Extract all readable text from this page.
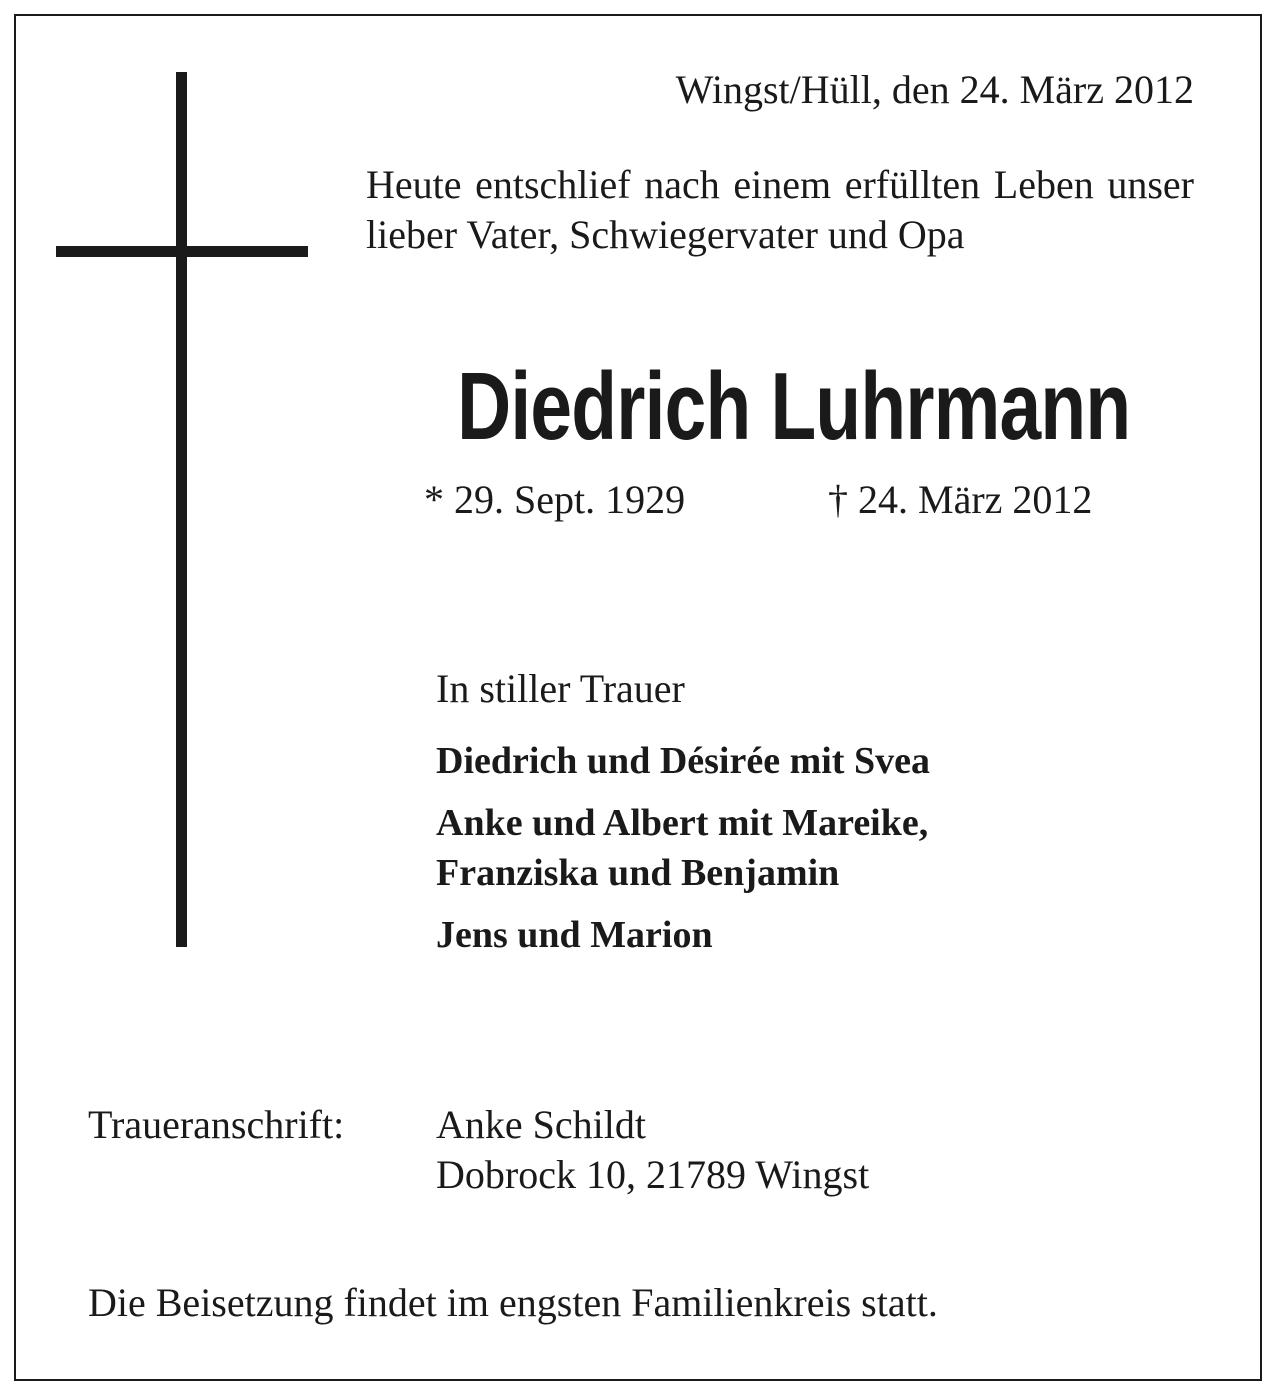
Wingst/Hüll, den 24. März 2012
Heute entschlief nach einem erfüllten Leben unser lieber Vater, Schwiegervater und Opa
Diedrich Luhrmann
* 29. Sept. 1929	† 24. März 2012
In stiller Trauer
Diedrich und Désirée mit Svea
Anke und Albert mit Mareike,
Franziska und Benjamin
Jens und Marion
Traueranschrift: Anke Schildt
Dobrock 10, 21789 Wingst
Die Beisetzung findet im engsten Familienkreis statt.
